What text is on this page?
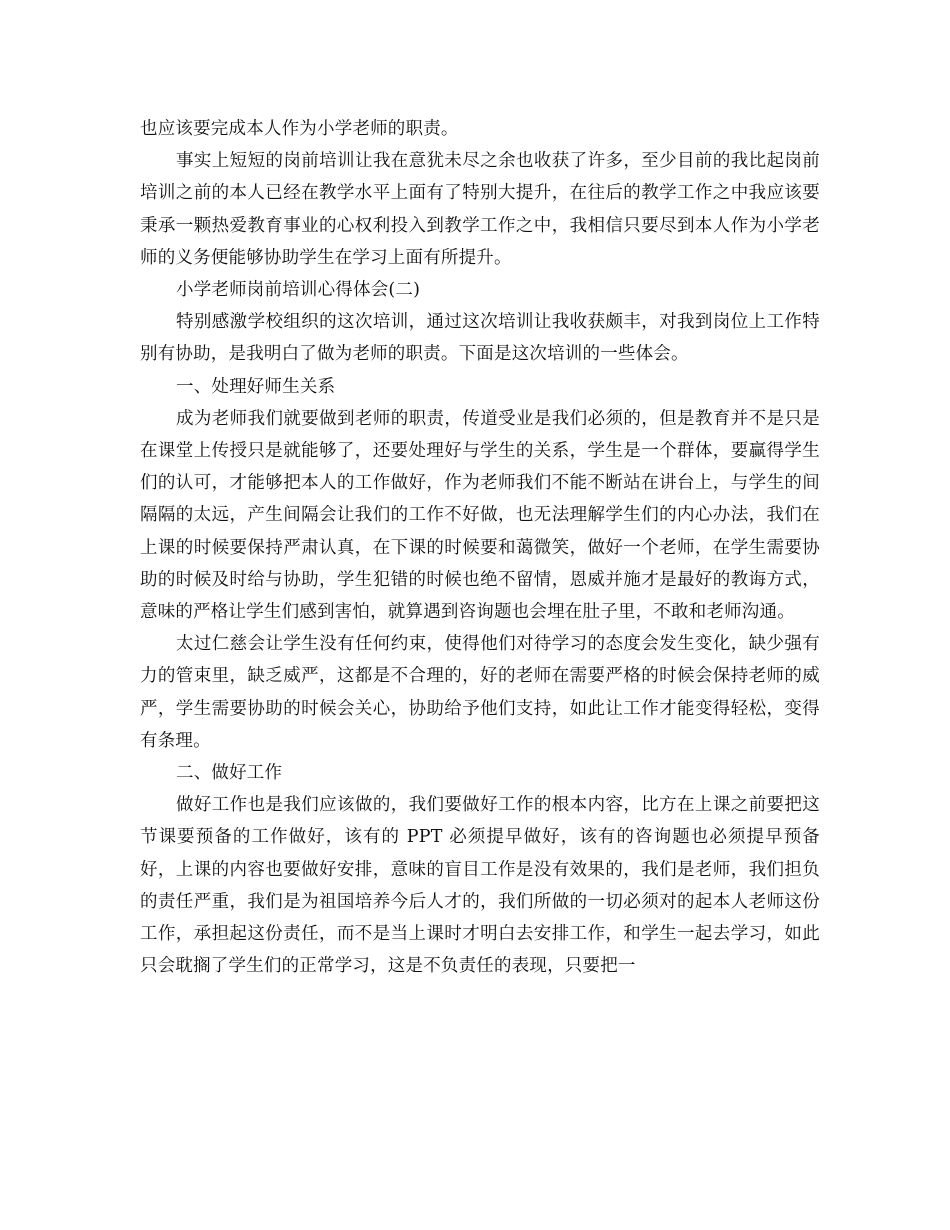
也应该要完成本人作为小学老师的职责。

事实上短短的岗前培训让我在意犹未尽之余也收获了许多，至少目前的我比起岗前培训之前的本人已经在教学水平上面有了特别大提升，在往后的教学工作之中我应该要秉承一颗热爱教育事业的心权利投入到教学工作之中，我相信只要尽到本人作为小学老师的义务便能够协助学生在学习上面有所提升。

小学老师岗前培训心得体会(二)

特别感激学校组织的这次培训，通过这次培训让我收获颇丰，对我到岗位上工作特别有协助，是我明白了做为老师的职责。下面是这次培训的一些体会。

一、处理好师生关系

成为老师我们就要做到老师的职责，传道受业是我们必须的，但是教育并不是只是在课堂上传授只是就能够了，还要处理好与学生的关系，学生是一个群体，要赢得学生们的认可，才能够把本人的工作做好，作为老师我们不能不断站在讲台上，与学生的间隔隔的太远，产生间隔会让我们的工作不好做，也无法理解学生们的内心办法，我们在上课的时候要保持严肃认真，在下课的时候要和蔼微笑，做好一个老师，在学生需要协助的时候及时给与协助，学生犯错的时候也绝不留情，恩威并施才是最好的教诲方式，意味的严格让学生们感到害怕，就算遇到咨询题也会埋在肚子里，不敢和老师沟通。

太过仁慈会让学生没有任何约束，使得他们对待学习的态度会发生变化，缺少强有力的管束里，缺乏威严，这都是不合理的，好的老师在需要严格的时候会保持老师的威严，学生需要协助的时候会关心，协助给予他们支持，如此让工作才能变得轻松，变得有条理。

二、做好工作

做好工作也是我们应该做的，我们要做好工作的根本内容，比方在上课之前要把这节课要预备的工作做好，该有的 PPT 必须提早做好，该有的咨询题也必须提早预备好，上课的内容也要做好安排，意味的盲目工作是没有效果的，我们是老师，我们担负的责任严重，我们是为祖国培养今后人才的，我们所做的一切必须对的起本人老师这份工作，承担起这份责任，而不是当上课时才明白去安排工作，和学生一起去学习，如此只会耽搁了学生们的正常学习，这是不负责任的表现，只要把一
